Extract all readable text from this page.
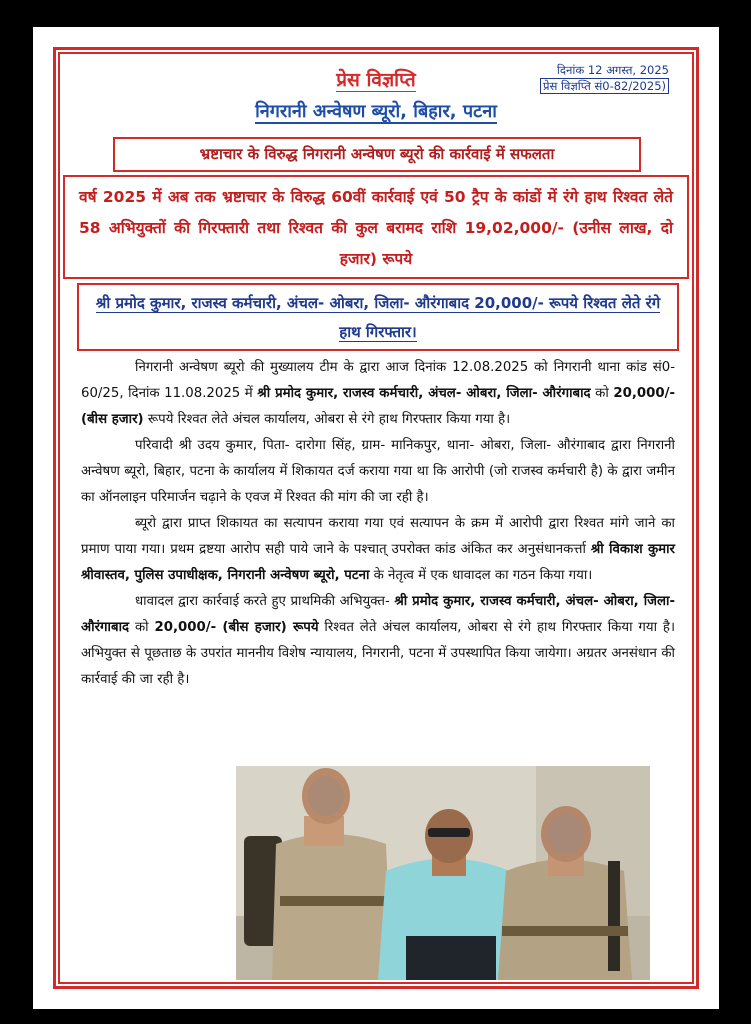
प्रेस विज्ञप्ति	दिनांक 12 अगस्त, 2025
प्रेस विज्ञप्ति सं0-82/2025)
निगरानी अन्वेषण ब्यूरो, बिहार, पटना
भ्रष्टाचार के विरुद्ध निगरानी अन्वेषण ब्यूरो की कार्रवाई में सफलता
वर्ष 2025 में अब तक भ्रष्टाचार के विरुद्ध 60वीं कार्रवाई एवं 50 ट्रैप के कांडों में रंगे हाथ रिश्वत लेते 58 अभियुक्तों की गिरफ्तारी तथा रिश्वत की कुल बरामद राशि 19,02,000/- (उनीस लाख, दो हजार) रूपये
श्री प्रमोद कुमार, राजस्व कर्मचारी, अंचल- ओबरा, जिला- औरंगाबाद 20,000/- रूपये रिश्वत लेते रंगे हाथ गिरफ्तार।

निगरानी अन्वेषण ब्यूरो की मुख्यालय टीम के द्वारा आज दिनांक 12.08.2025 को निगरानी थाना कांड सं0-60/25, दिनांक 11.08.2025 में श्री प्रमोद कुमार, राजस्व कर्मचारी, अंचल- ओबरा, जिला- औरंगाबाद को 20,000/- (बीस हजार) रूपये रिश्वत लेते अंचल कार्यालय, ओबरा से रंगे हाथ गिरफ्तार किया गया है।

परिवादी श्री उदय कुमार, पिता- दारोगा सिंह, ग्राम- मानिकपुर, थाना- ओबरा, जिला- औरंगाबाद द्वारा निगरानी अन्वेषण ब्यूरो, बिहार, पटना के कार्यालय में शिकायत दर्ज कराया गया था कि आरोपी (जो राजस्व कर्मचारी है) के द्वारा जमीन का ऑनलाइन परिमार्जन चढ़ाने के एवज में रिश्वत की मांग की जा रही है।

ब्यूरो द्वारा प्राप्त शिकायत का सत्यापन कराया गया एवं सत्यापन के क्रम में आरोपी द्वारा रिश्वत मांगे जाने का प्रमाण पाया गया। प्रथम द्रष्टया आरोप सही पाये जाने के पश्चात् उपरोक्त कांड अंकित कर अनुसंधानकर्त्ता श्री विकाश कुमार श्रीवास्तव, पुलिस उपाधीक्षक, निगरानी अन्वेषण ब्यूरो, पटना के नेतृत्व में एक धावादल का गठन किया गया।

धावादल द्वारा कार्रवाई करते हुए प्राथमिकी अभियुक्त- श्री प्रमोद कुमार, राजस्व कर्मचारी, अंचल- ओबरा, जिला- औरंगाबाद को 20,000/- (बीस हजार) रूपये रिश्वत लेते अंचल कार्यालय, ओबरा से रंगे हाथ गिरफ्तार किया गया है। अभियुक्त से पूछताछ के उपरांत माननीय विशेष न्यायालय, निगरानी, पटना में उपस्थापित किया जायेगा। अग्रतर अनसंधान की कार्रवाई की जा रही है।
